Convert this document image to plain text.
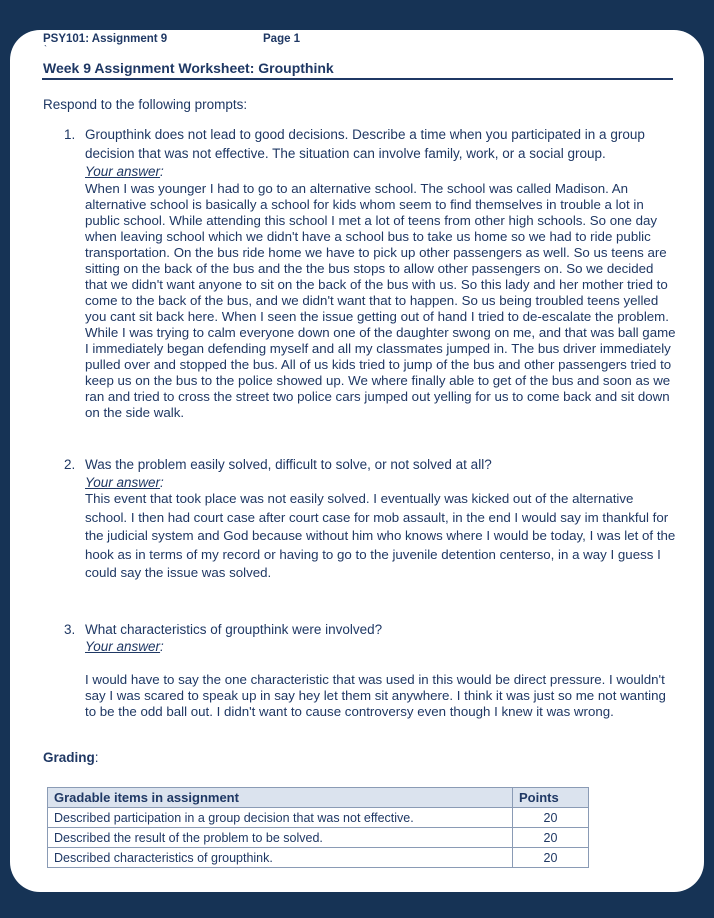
PSY101: Assignment 9	Page 1
`
Week 9 Assignment Worksheet: Groupthink
Respond to the following prompts:
1. Groupthink does not lead to good decisions. Describe a time when you participated in a group decision that was not effective. The situation can involve family, work, or a social group.
Your answer:
When I was younger I had to go to an alternative school. The school was called Madison. An alternative school is basically a school for kids whom seem to find themselves in trouble a lot in public school. While attending this school I met a lot of teens from other high schools. So one day when leaving school which we didn't have a school bus to take us home so we had to ride public transportation. On the bus ride home we have to pick up other passengers as well. So us teens are sitting on the back of the bus and the the bus stops to allow other passengers on. So we decided that we didn't want anyone to sit on the back of the bus with us. So this lady and her mother tried to come to the back of the bus, and we didn't want that to happen. So us being troubled teens yelled you cant sit back here. When I seen the issue getting out of hand I tried to de-escalate the problem. While I was trying to calm everyone down one of the daughter swong on me, and that was ball game I immediately began defending myself and all my classmates jumped in. The bus driver immediately pulled over and stopped the bus. All of us kids tried to jump of the bus and other passengers tried to keep us on the bus to the police showed up. We where finally able to get of the bus and soon as we ran and tried to cross the street two police cars jumped out yelling for us to come back and sit down on the side walk.
2. Was the problem easily solved, difficult to solve, or not solved at all?
Your answer:
This event that took place was not easily solved. I eventually was kicked out of the alternative school. I then had court case after court case for mob assault, in the end I would say im thankful for the judicial system and God because without him who knows where I would be today, I was let of the hook as in terms of my record or having to go to the juvenile detention centerso, in a way I guess I could say the issue was solved.
3. What characteristics of groupthink were involved?
Your answer:
I would have to say the one characteristic that was used in this would be direct pressure. I wouldn't say I was scared to speak up in say hey let them sit anywhere. I think it was just so me not wanting to be the odd ball out. I didn't want to cause controversy even though I knew it was wrong.
Grading:
Gradable items in assignment	Points
Described participation in a group decision that was not effective.	20
Described the result of the problem to be solved.	20
Described characteristics of groupthink.	20
